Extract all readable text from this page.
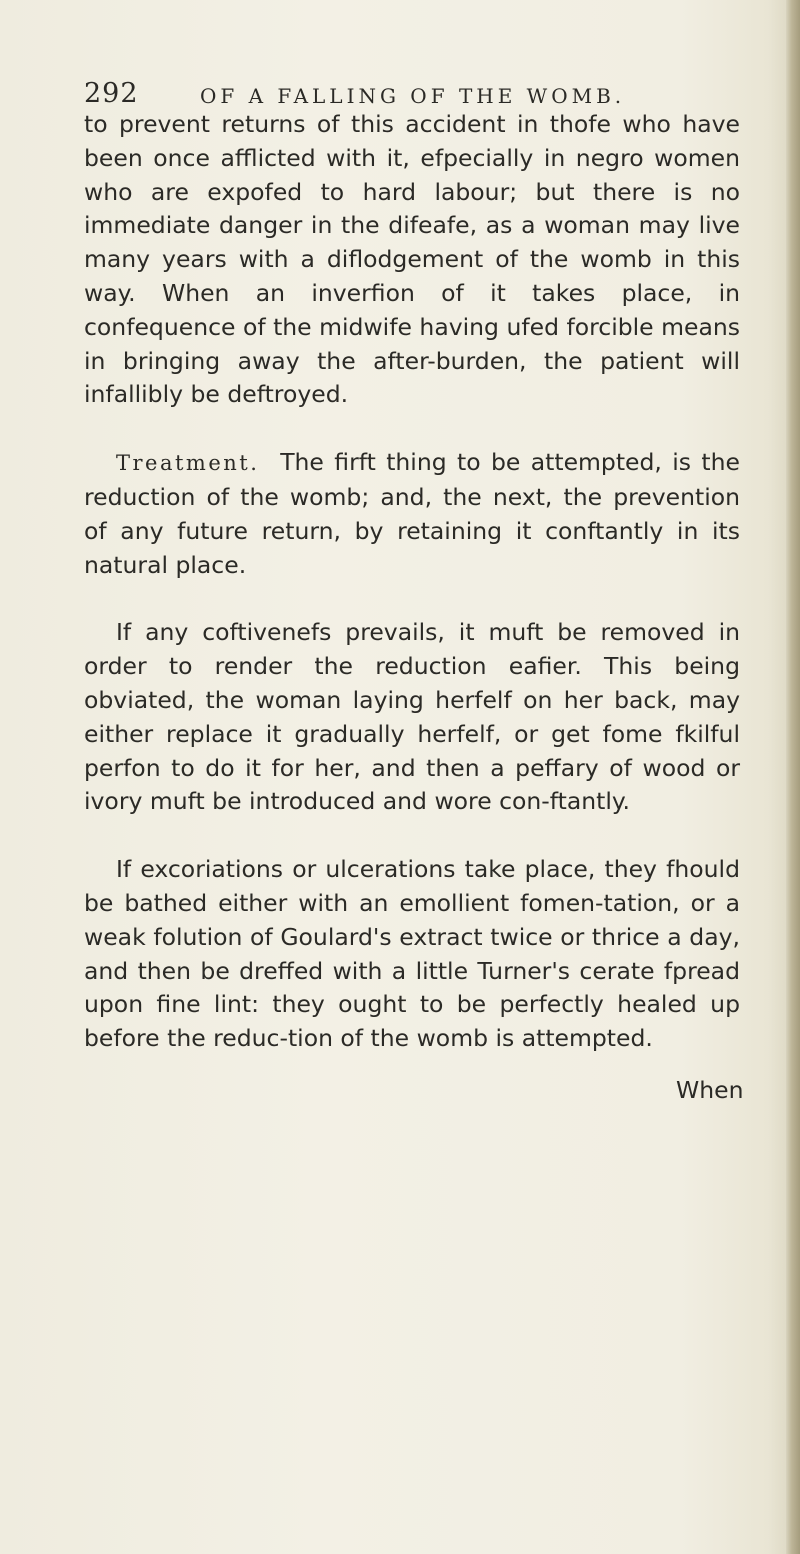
292	OF A FALLING OF THE WOMB.

to prevent returns of this accident in thofe who have been once afflicted with it, efpecially in negro women who are expofed to hard labour; but there is no immediate danger in the difeafe, as a woman may live many years with a diflodgement of the womb in this way. When an inverfion of it takes place, in confequence of the midwife having ufed forcible means in bringing away the after-burden, the patient will infallibly be deftroyed.

Treatment. The firft thing to be attempted, is the reduction of the womb; and, the next, the prevention of any future return, by retaining it conftantly in its natural place.

If any coftivenefs prevails, it muft be removed in order to render the reduction eafier. This being obviated, the woman laying herfelf on her back, may either replace it gradually herfelf, or get fome fkilful perfon to do it for her, and then a peffary of wood or ivory muft be introduced and wore con-ftantly.

If excoriations or ulcerations take place, they fhould be bathed either with an emollient fomen-tation, or a weak folution of Goulard's extract twice or thrice a day, and then be dreffed with a little Turner's cerate fpread upon fine lint: they ought to be perfectly healed up before the reduc-tion of the womb is attempted.

When
